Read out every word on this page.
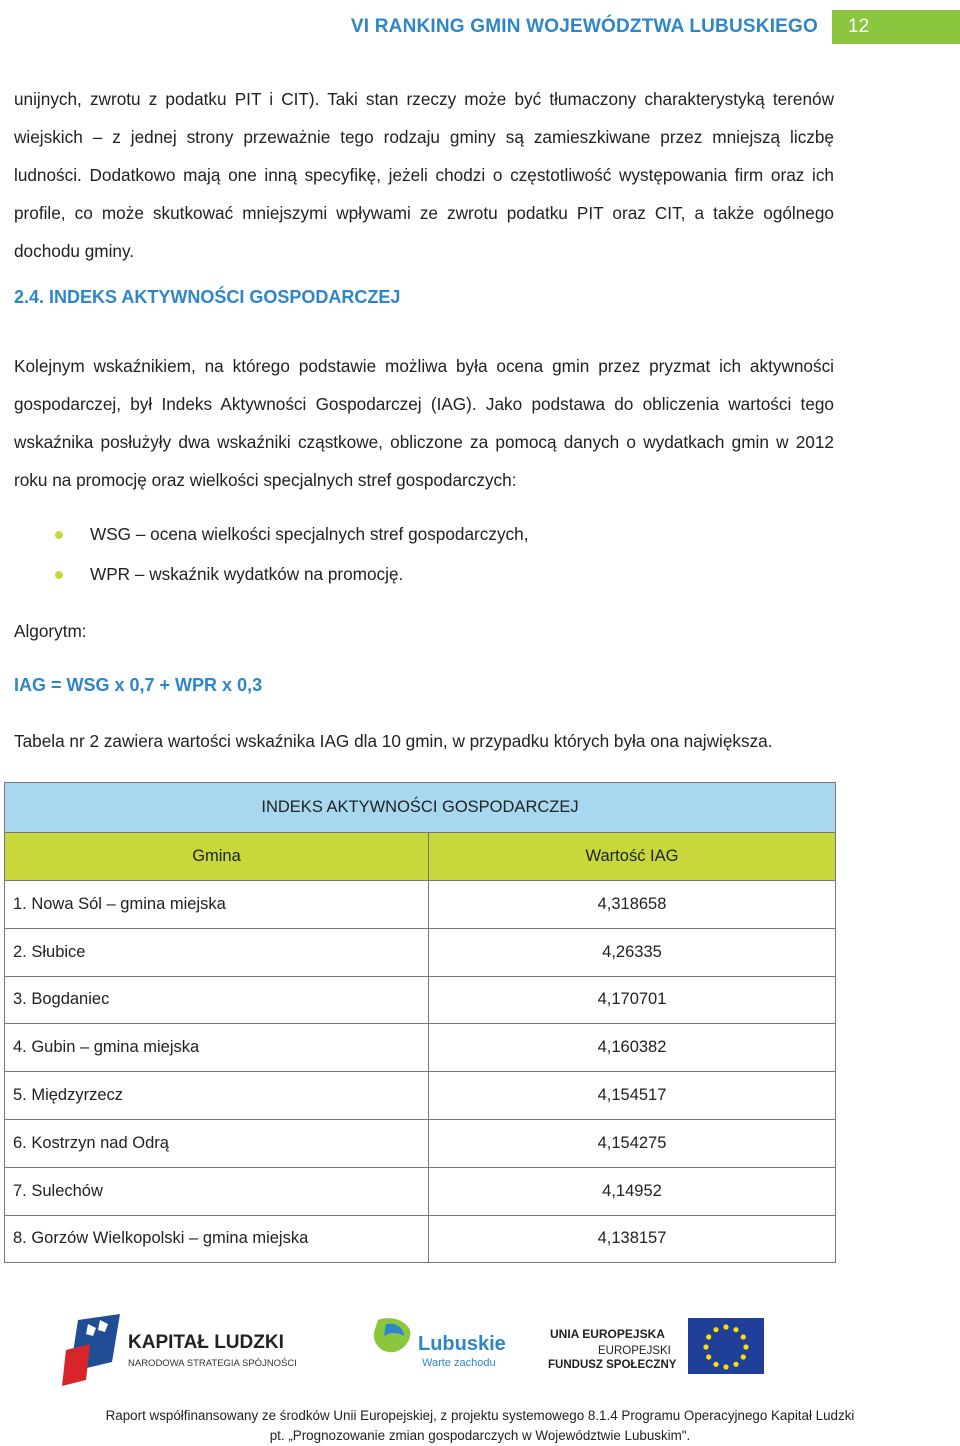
VI RANKING GMIN WOJEWÓDZTWA LUBUSKIEGO	12
unijnych, zwrotu z podatku PIT i CIT). Taki stan rzeczy może być tłumaczony charakterystyką terenów wiejskich – z jednej strony przeważnie tego rodzaju gminy są zamieszkiwane przez mniejszą liczbę ludności. Dodatkowo mają one inną specyfikę, jeżeli chodzi o częstotliwość występowania firm oraz ich profile, co może skutkować mniejszymi wpływami ze zwrotu podatku PIT oraz CIT, a także ogólnego dochodu gminy.
2.4. INDEKS AKTYWNOŚCI GOSPODARCZEJ
Kolejnym wskaźnikiem, na którego podstawie możliwa była ocena gmin przez pryzmat ich aktywności gospodarczej, był Indeks Aktywności Gospodarczej (IAG). Jako podstawa do obliczenia wartości tego wskaźnika posłużyły dwa wskaźniki cząstkowe, obliczone za pomocą danych o wydatkach gmin w 2012 roku na promocję oraz wielkości specjalnych stref gospodarczych:
WSG – ocena wielkości specjalnych stref gospodarczych,
WPR – wskaźnik wydatków na promocję.
Algorytm:
IAG = WSG x 0,7 + WPR x 0,3
Tabela nr 2 zawiera wartości wskaźnika IAG dla 10 gmin, w przypadku których była ona największa.
INDEKS AKTYWNOŚCI GOSPODARCZEJ	
Gmina	Wartość IAG
1. Nowa Sól – gmina miejska	4,318658
2. Słubice	4,26335
3. Bogdaniec	4,170701
4. Gubin – gmina miejska	4,160382
5. Międzyrzecz	4,154517
6. Kostrzyn nad Odrą	4,154275
7. Sulechów	4,14952
8. Gorzów Wielkopolski – gmina miejska	4,138157
KAPITAŁ LUDZKI
NARODOWA STRATEGIA SPÓJNOŚCI
Lubuskie
Warte zachodu
UNIA EUROPEJSKA
EUROPEJSKI
FUNDUSZ SPOŁECZNY
Raport współfinansowany ze środków Unii Europejskiej, z projektu systemowego 8.1.4 Programu Operacyjnego Kapitał Ludzki
pt. „Prognozowanie zmian gospodarczych w Województwie Lubuskim".
